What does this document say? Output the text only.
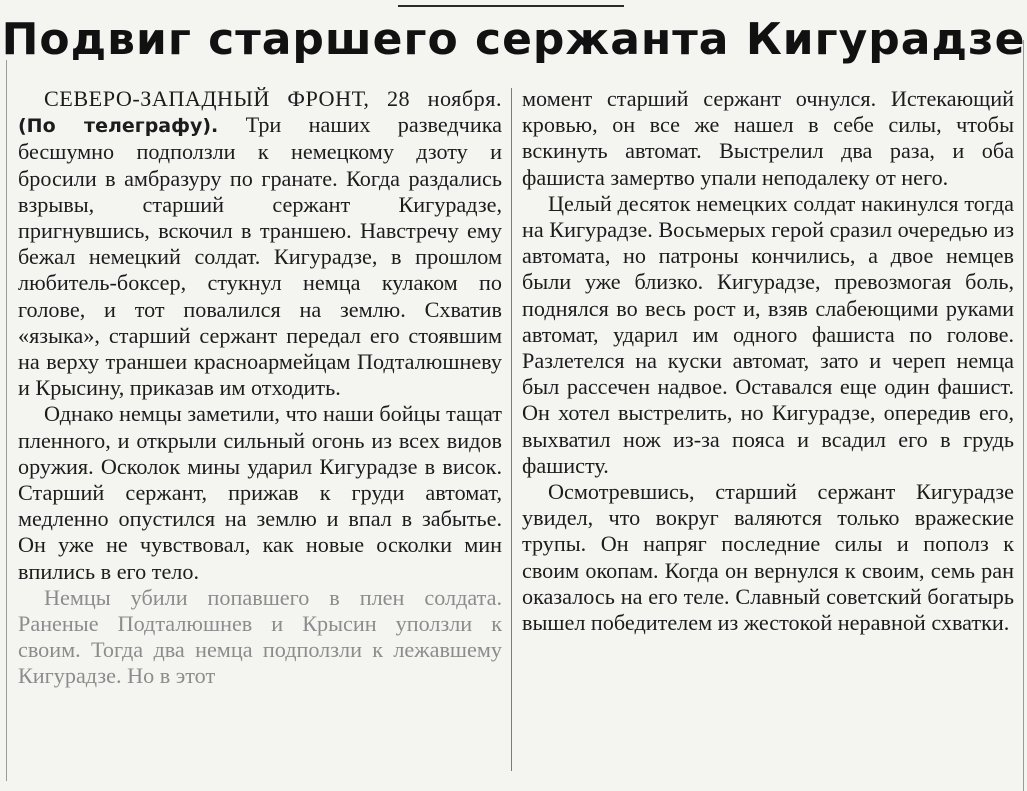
Подвиг старшего сержанта Кигурадзе

СЕВЕРО-ЗАПАДНЫЙ ФРОНТ, 28 ноября. (По телеграфу). Три наших разведчика бесшумно подползли к немецкому дзоту и бросили в амбразуру по гранате. Когда раздались взрывы, старший сержант Кигурадзе, пригнувшись, вскочил в траншею. Навстречу ему бежал немецкий солдат. Кигурадзе, в прошлом любитель-боксер, стукнул немца кулаком по голове, и тот повалился на землю. Схватив «языка», старший сержант передал его стоявшим на верху траншеи красноармейцам Подталюшневу и Крысину, приказав им отходить.

Однако немцы заметили, что наши бойцы тащат пленного, и открыли сильный огонь из всех видов оружия. Осколок мины ударил Кигурадзе в висок. Старший сержант, прижав к груди автомат, медленно опустился на землю и впал в забытье. Он уже не чувствовал, как новые осколки мин впились в его тело.

Немцы убили попавшего в плен солдата. Раненые Подталюшнев и Крысин уползли к своим. Тогда два немца подползли к лежавшему Кигурадзе. Но в этот

момент старший сержант очнулся. Истекающий кровью, он все же нашел в себе силы, чтобы вскинуть автомат. Выстрелил два раза, и оба фашиста замертво упали неподалеку от него.

Целый десяток немецких солдат накинулся тогда на Кигурадзе. Восьмерых герой сразил очередью из автомата, но патроны кончились, а двое немцев были уже близко. Кигурадзе, превозмогая боль, поднялся во весь рост и, взяв слабеющими руками автомат, ударил им одного фашиста по голове. Разлетелся на куски автомат, зато и череп немца был рассечен надвое. Оставался еще один фашист. Он хотел выстрелить, но Кигурадзе, опередив его, выхватил нож из-за пояса и всадил его в грудь фашисту.

Осмотревшись, старший сержант Кигурадзе увидел, что вокруг валяются только вражеские трупы. Он напряг последние силы и пополз к своим окопам. Когда он вернулся к своим, семь ран оказалось на его теле. Славный советский богатырь вышел победителем из жестокой неравной схватки.
